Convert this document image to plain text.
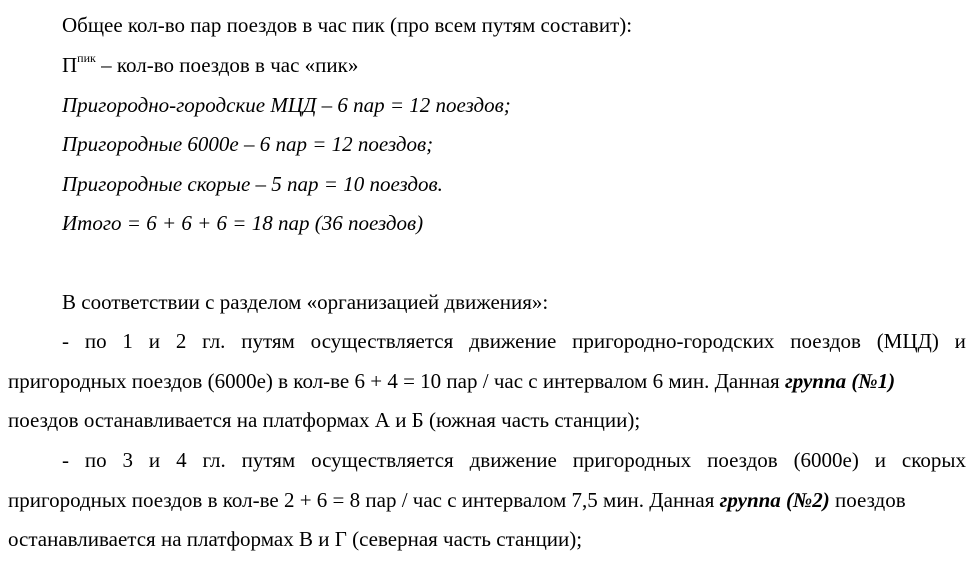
Общее кол-во пар поездов в час пик (про всем путям составит):
$П^{пик} - кол-во$ поездов в час «пик»
Пригородно-городские МЦД – 6 пар = 12 поездов;
Пригородные 6000е – 6 пар = 12 поездов;
Пригородные скорые – 5 пар = 10 поездов.
Итого = 6 + 6 + 6 = 18 пар (36 поездов)
В соответствии с разделом «организацией движения»:
- по 1 и 2 гл. путям осуществляется движение пригородно-городских поездов (МЦД) и
пригородных поездов (6000е) в кол-ве 6 + 4 = 10 пар / час с интервалом 6 мин. Данная группа (№1)
поездов останавливается на платформах А и Б (южная часть станции);
- по 3 и 4 гл. путям осуществляется движение пригородных поездов (6000е) и скорых
пригородных поездов в кол-ве 2 + 6 = 8 пар / час с интервалом 7,5 мин. Данная группа (№2) поездов
останавливается на платформах В и Г (северная часть станции);
